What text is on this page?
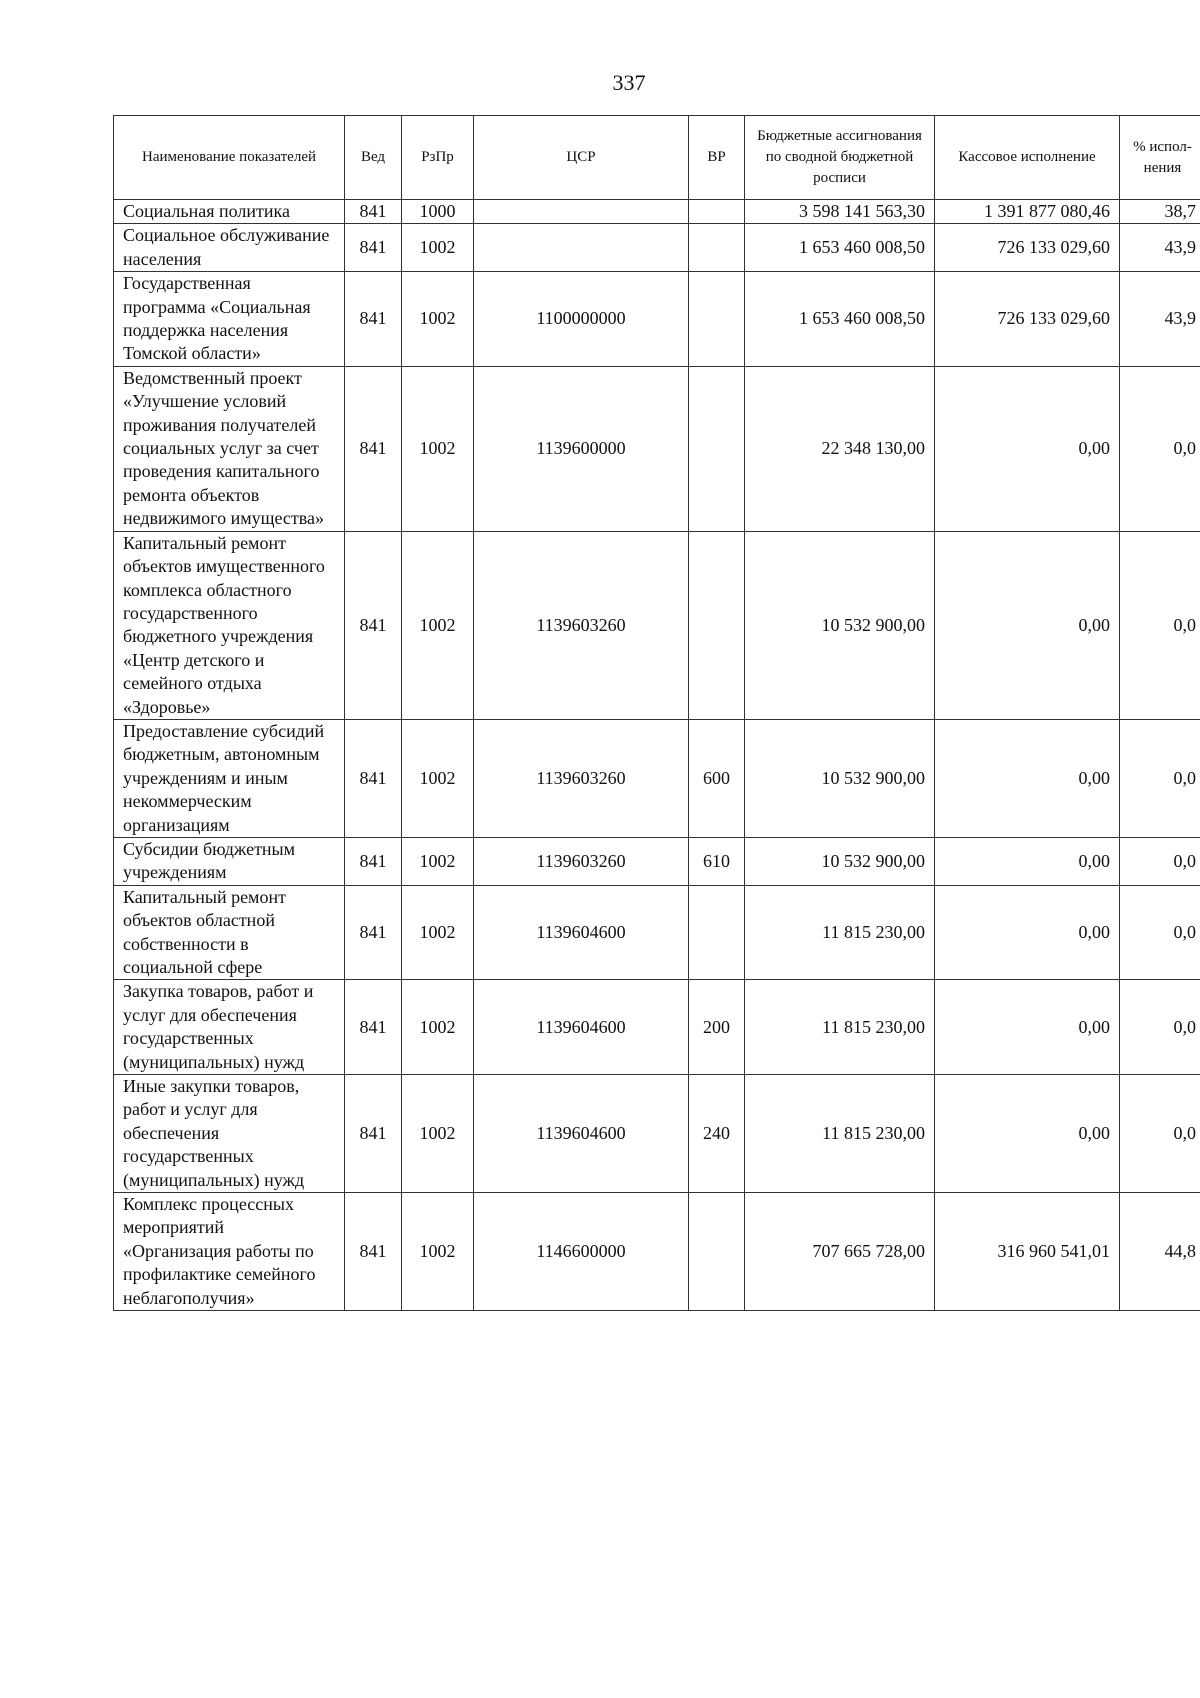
337
Наименование показателей	Вед	РзПр	ЦСР	ВР	Бюджетные ассигнования по сводной бюджетной росписи	Кассовое исполнение	% испол-нения
Социальная политика	841	1000			3 598 141 563,30	1 391 877 080,46	38,7
Социальное обслуживание населения	841	1002			1 653 460 008,50	726 133 029,60	43,9
Государственная программа «Социальная поддержка населения Томской области»	841	1002	1100000000		1 653 460 008,50	726 133 029,60	43,9
Ведомственный проект «Улучшение условий проживания получателей социальных услуг за счет проведения капитального ремонта объектов недвижимого имущества»	841	1002	1139600000		22 348 130,00	0,00	0,0
Капитальный ремонт объектов имущественного комплекса областного государственного бюджетного учреждения «Центр детского и семейного отдыха «Здоровье»	841	1002	1139603260		10 532 900,00	0,00	0,0
Предоставление субсидий бюджетным, автономным учреждениям и иным некоммерческим организациям	841	1002	1139603260	600	10 532 900,00	0,00	0,0
Субсидии бюджетным учреждениям	841	1002	1139603260	610	10 532 900,00	0,00	0,0
Капитальный ремонт объектов областной собственности в социальной сфере	841	1002	1139604600		11 815 230,00	0,00	0,0
Закупка товаров, работ и услуг для обеспечения государственных (муниципальных) нужд	841	1002	1139604600	200	11 815 230,00	0,00	0,0
Иные закупки товаров, работ и услуг для обеспечения государственных (муниципальных) нужд	841	1002	1139604600	240	11 815 230,00	0,00	0,0
Комплекс процессных мероприятий «Организация работы по профилактике семейного неблагополучия»	841	1002	1146600000		707 665 728,00	316 960 541,01	44,8
